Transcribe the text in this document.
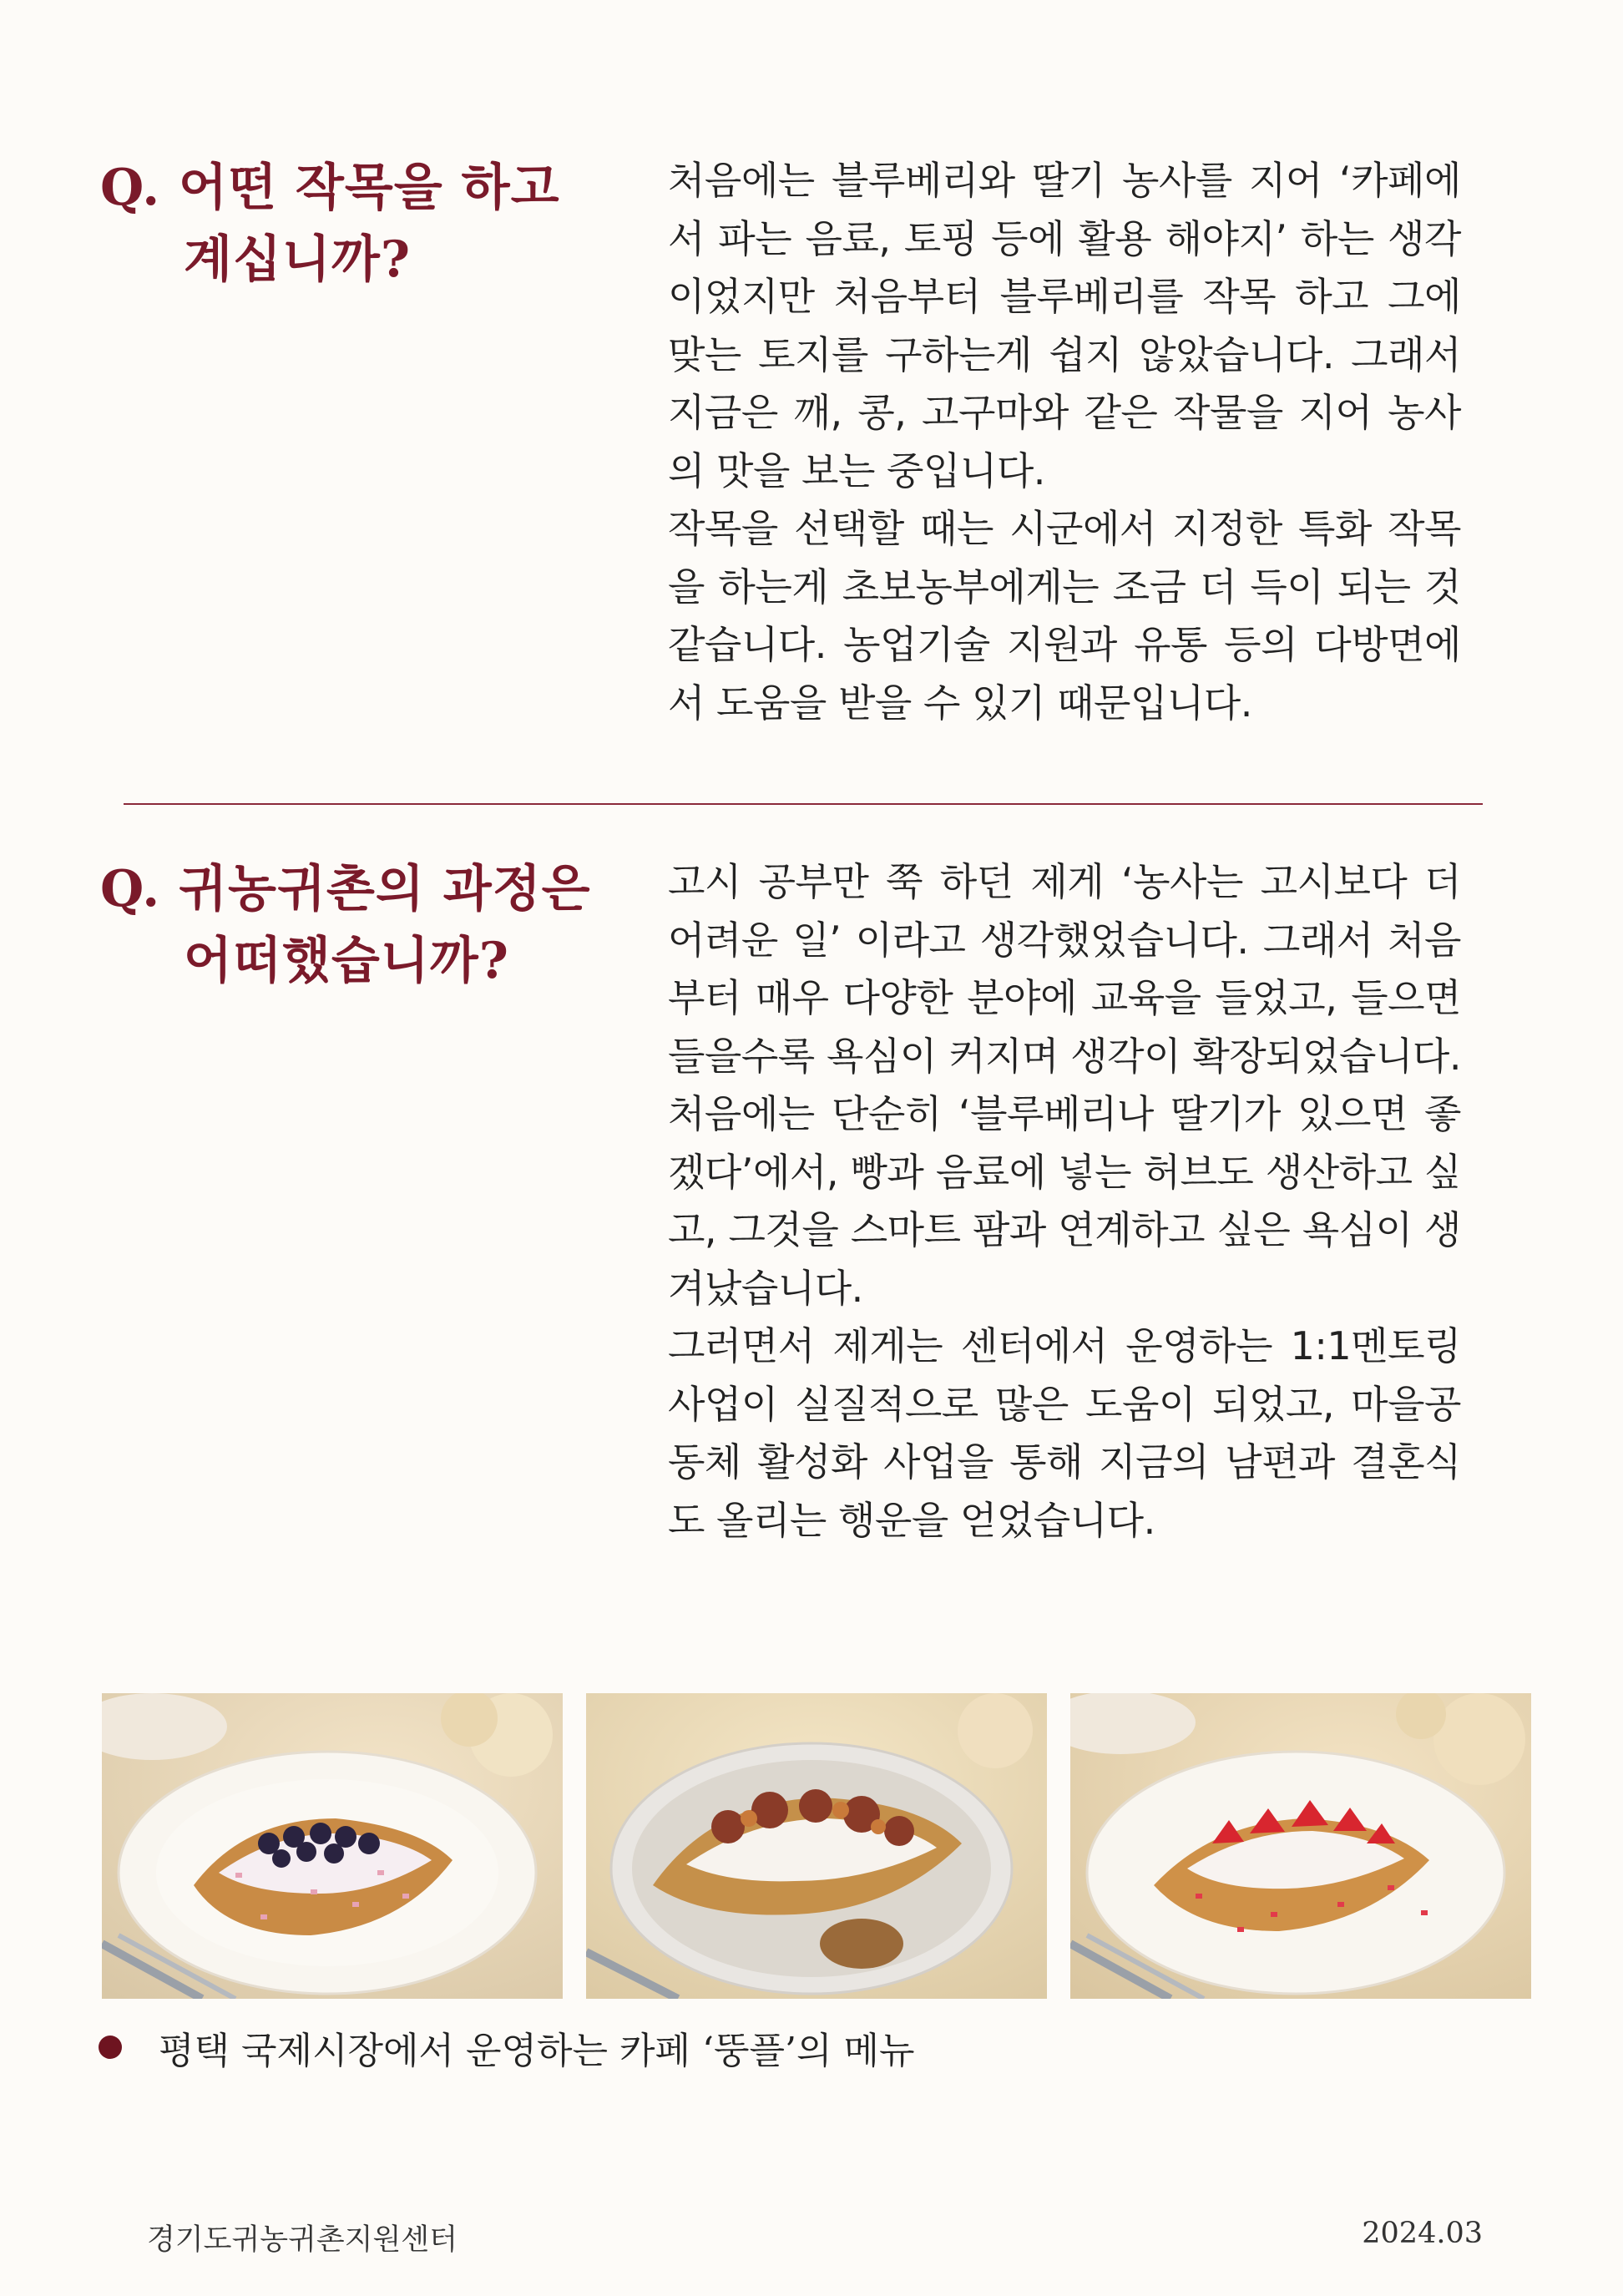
Q. 어떤 작목을 하고
계십니까?

처음에는 블루베리와 딸기 농사를 지어 ‘카페에서 파는 음료, 토핑 등에 활용 해야지’ 하는 생각이었지만 처음부터 블루베리를 작목 하고 그에 맞는 토지를 구하는게 쉽지 않았습니다. 그래서 지금은 깨, 콩, 고구마와 같은 작물을 지어 농사의 맛을 보는 중입니다.

작목을 선택할 때는 시군에서 지정한 특화 작목을 하는게 초보농부에게는 조금 더 득이 되는 것 같습니다. 농업기술 지원과 유통 등의 다방면에서 도움을 받을 수 있기 때문입니다.

Q. 귀농귀촌의 과정은
어떠했습니까?

고시 공부만 쭉 하던 제게 ‘농사는 고시보다 더 어려운 일’ 이라고 생각했었습니다. 그래서 처음부터 매우 다양한 분야에 교육을 들었고, 들으면 들을수록 욕심이 커지며 생각이 확장되었습니다. 처음에는 단순히 ‘블루베리나 딸기가 있으면 좋겠다’에서, 빵과 음료에 넣는 허브도 생산하고 싶고, 그것을 스마트 팜과 연계하고 싶은 욕심이 생겨났습니다.

그러면서 제게는 센터에서 운영하는 1:1멘토링 사업이 실질적으로 많은 도움이 되었고, 마을공동체 활성화 사업을 통해 지금의 남편과 결혼식도 올리는 행운을 얻었습니다.

평택 국제시장에서 운영하는 카페 ‘뚱플’의 메뉴
경기도귀농귀촌지원센터	2024.03
